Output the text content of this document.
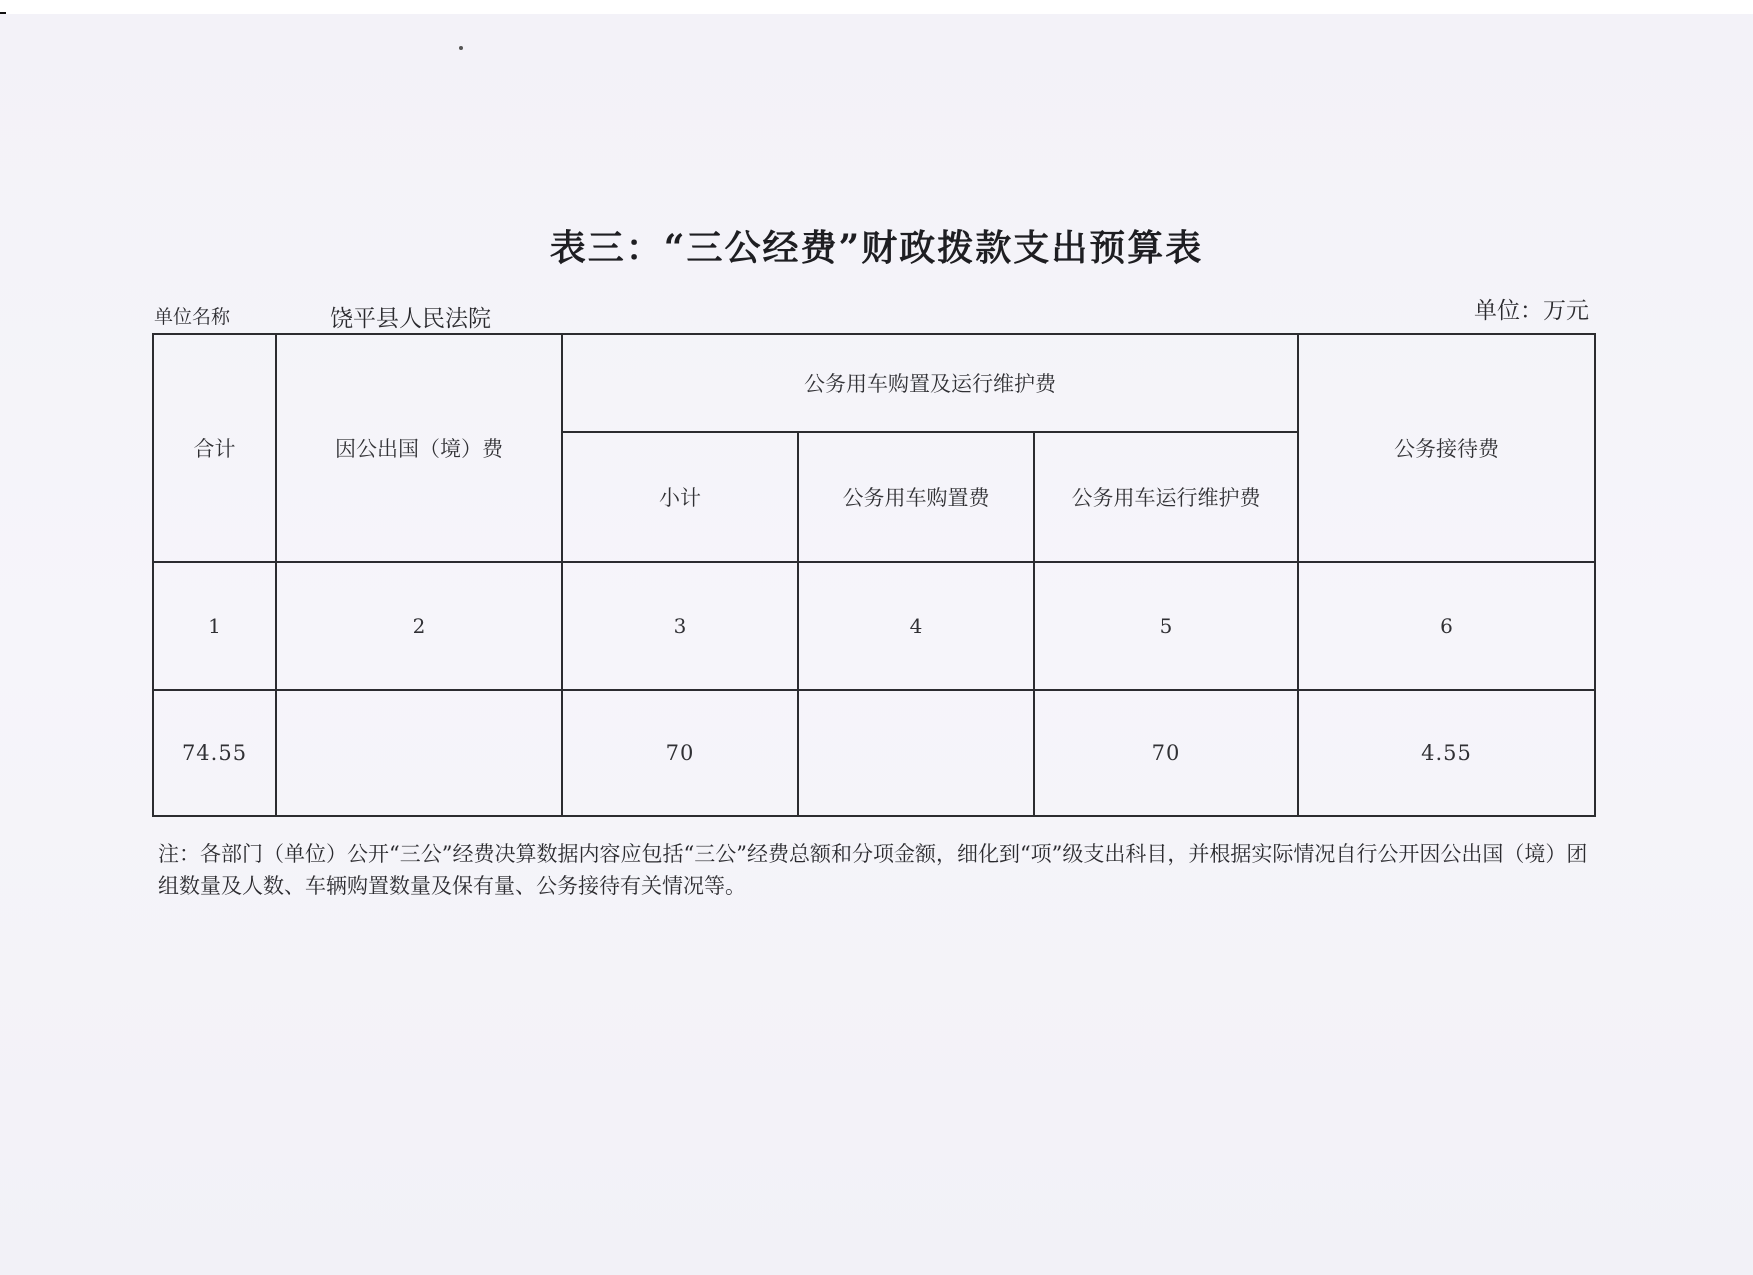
表三：“三公经费”财政拨款支出预算表
单位名称	饶平县人民法院	单位：万元
合计	因公出国（境）费	公务用车购置及运行维护费			公务接待费
		小计	公务用车购置费	公务用车运行维护费	
1	2	3	4	5	6
74.55		70		70	4.55
注：各部门（单位）公开“三公”经费决算数据内容应包括“三公”经费总额和分项金额，细化到“项”级支出科目，并根据实际情况自行公开因公出国（境）团组数量及人数、车辆购置数量及保有量、公务接待有关情况等。
